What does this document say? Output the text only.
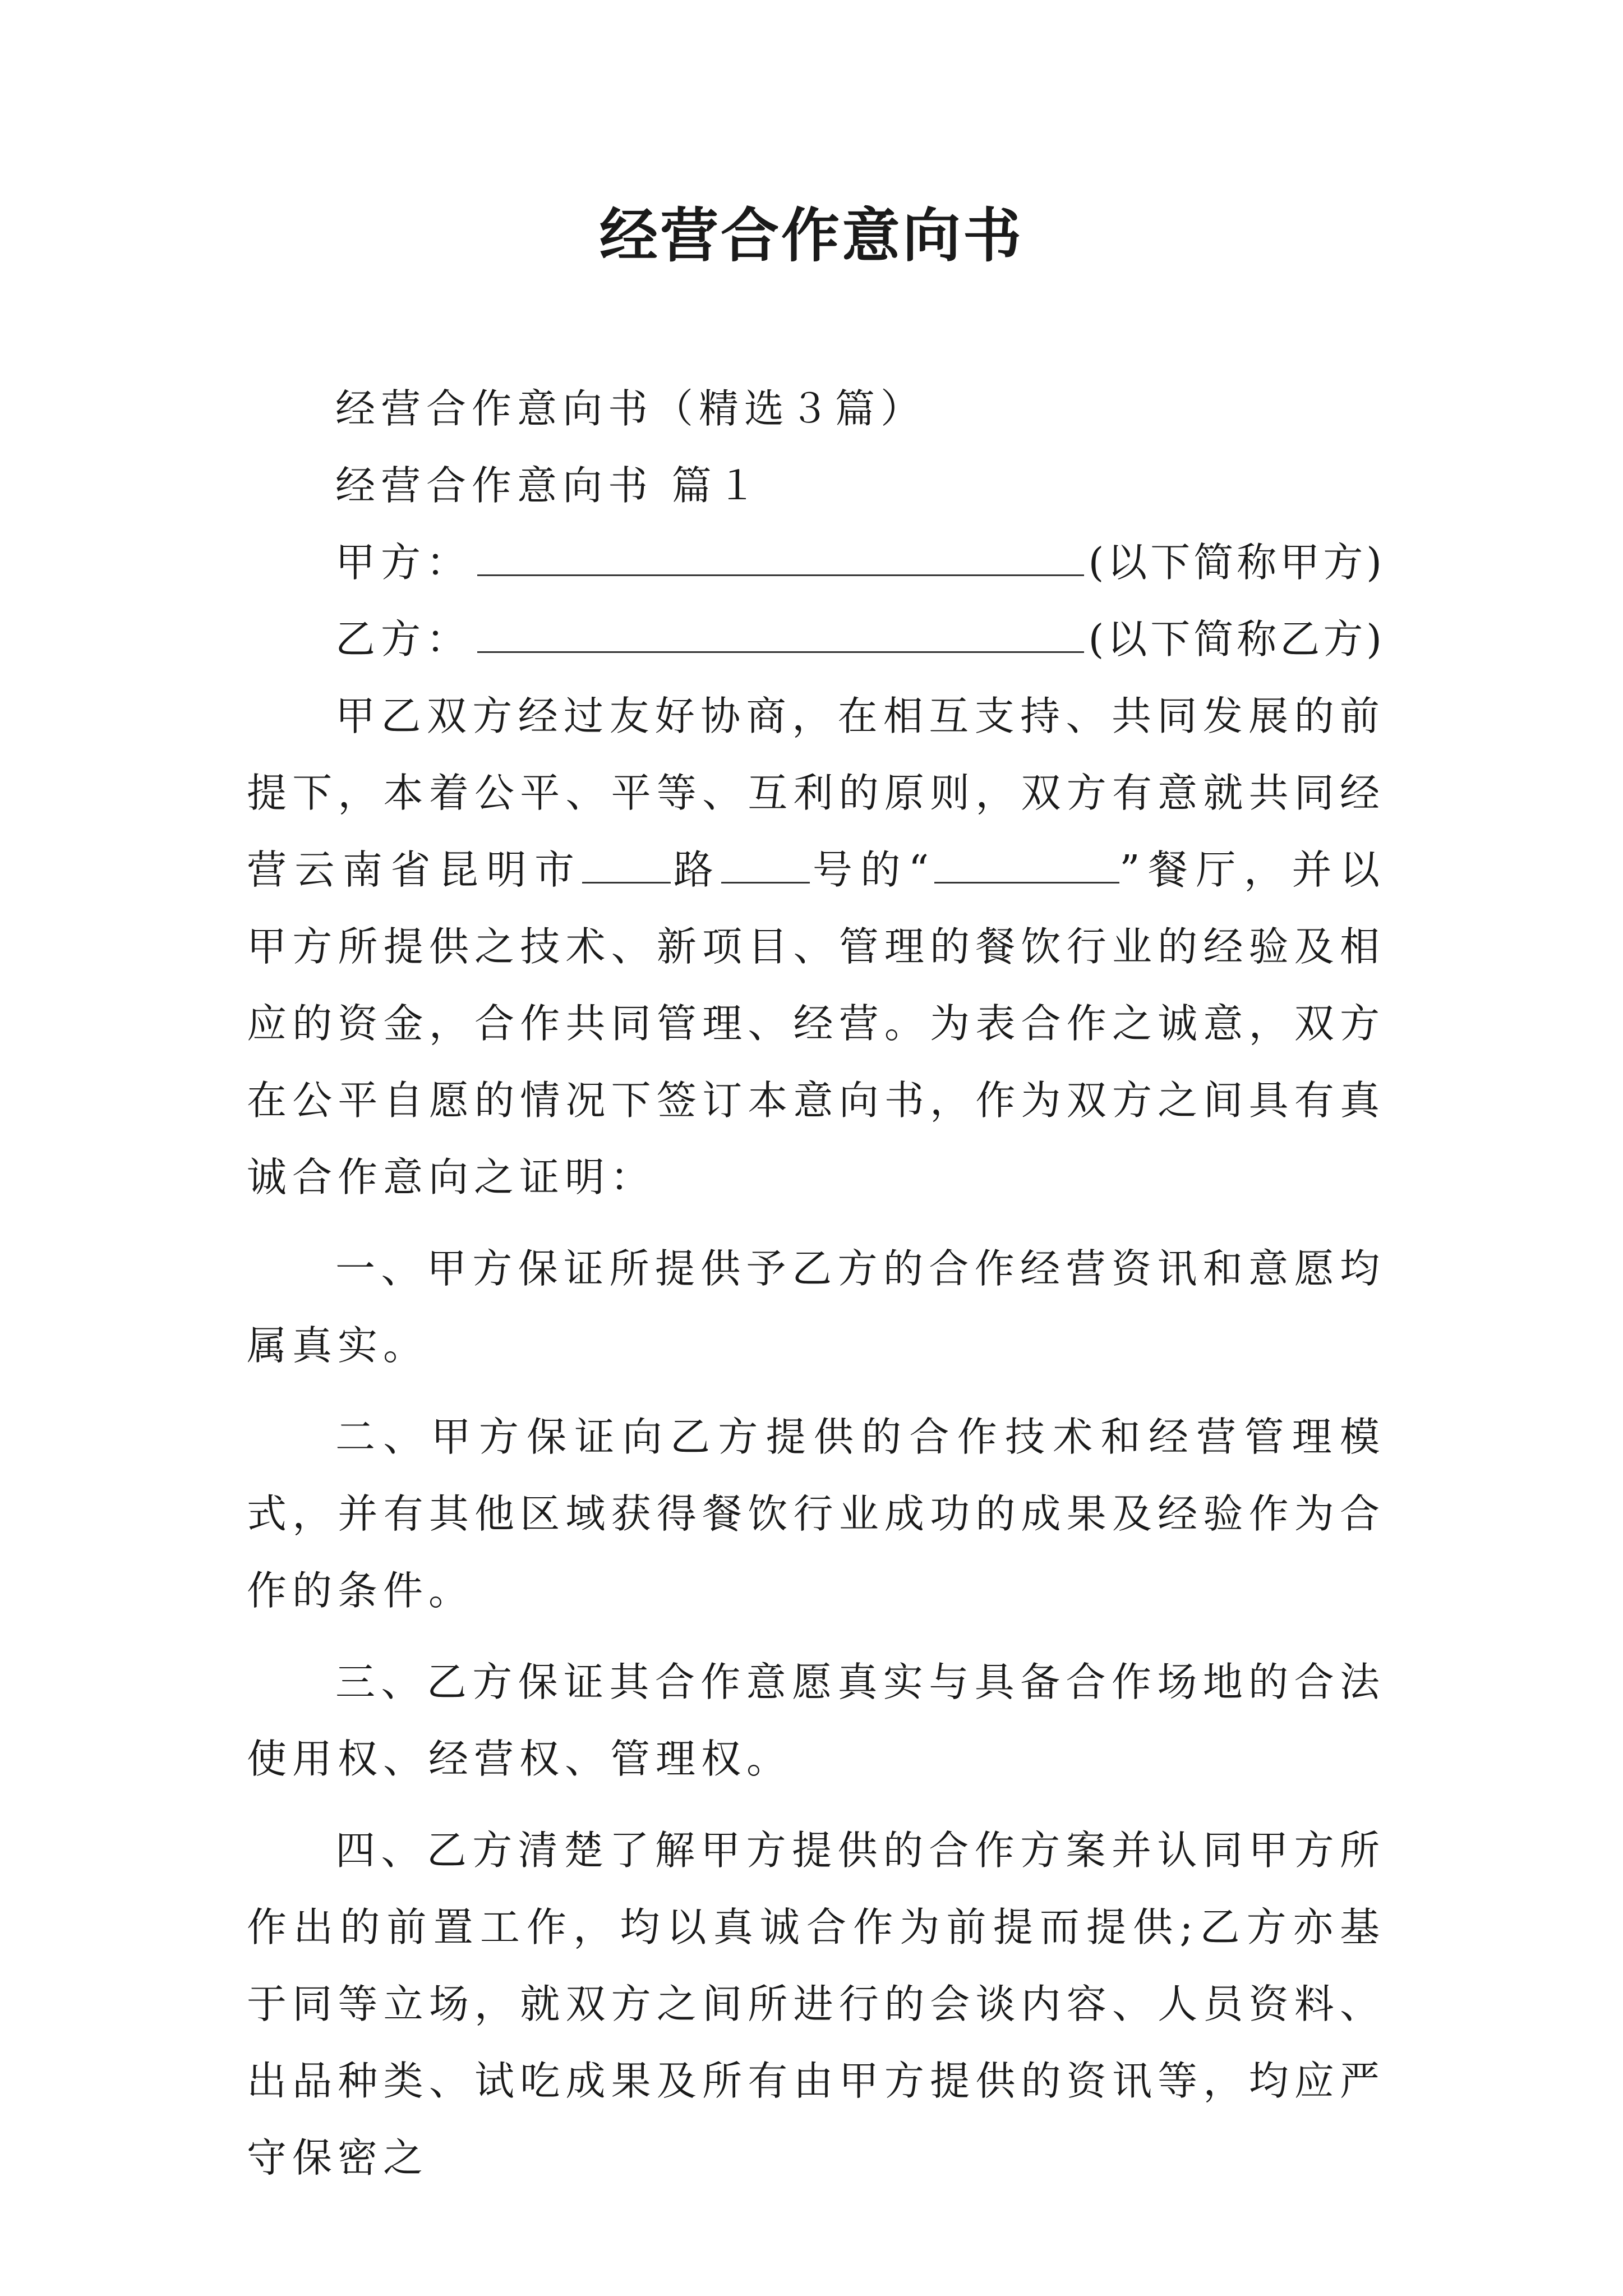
经营合作意向书

经营合作意向书（精选３篇）

经营合作意向书 篇１

甲方：	(以下简称甲方)
乙方：	(以下简称乙方)

甲乙双方经过友好协商，在相互支持、共同发展的前提下，本着公平、平等、互利的原则，双方有意就共同经营云南省昆明市 路 号的“	”餐厅，并以甲方所提供之技术、新项目、管理的餐饮行业的经验及相应的资金，合作共同管理、经营。为表合作之诚意，双方在公平自愿的情况下签订本意向书，作为双方之间具有真诚合作意向之证明：

一、甲方保证所提供予乙方的合作经营资讯和意愿均属真实。

二、甲方保证向乙方提供的合作技术和经营管理模式，并有其他区域获得餐饮行业成功的成果及经验作为合作的条件。

三、乙方保证其合作意愿真实与具备合作场地的合法使用权、经营权、管理权。

四、乙方清楚了解甲方提供的合作方案并认同甲方所作出的前置工作，均以真诚合作为前提而提供;乙方亦基于同等立场，就双方之间所进行的会谈内容、人员资料、出品种类、试吃成果及所有由甲方提供的资讯等，均应严守保密之
